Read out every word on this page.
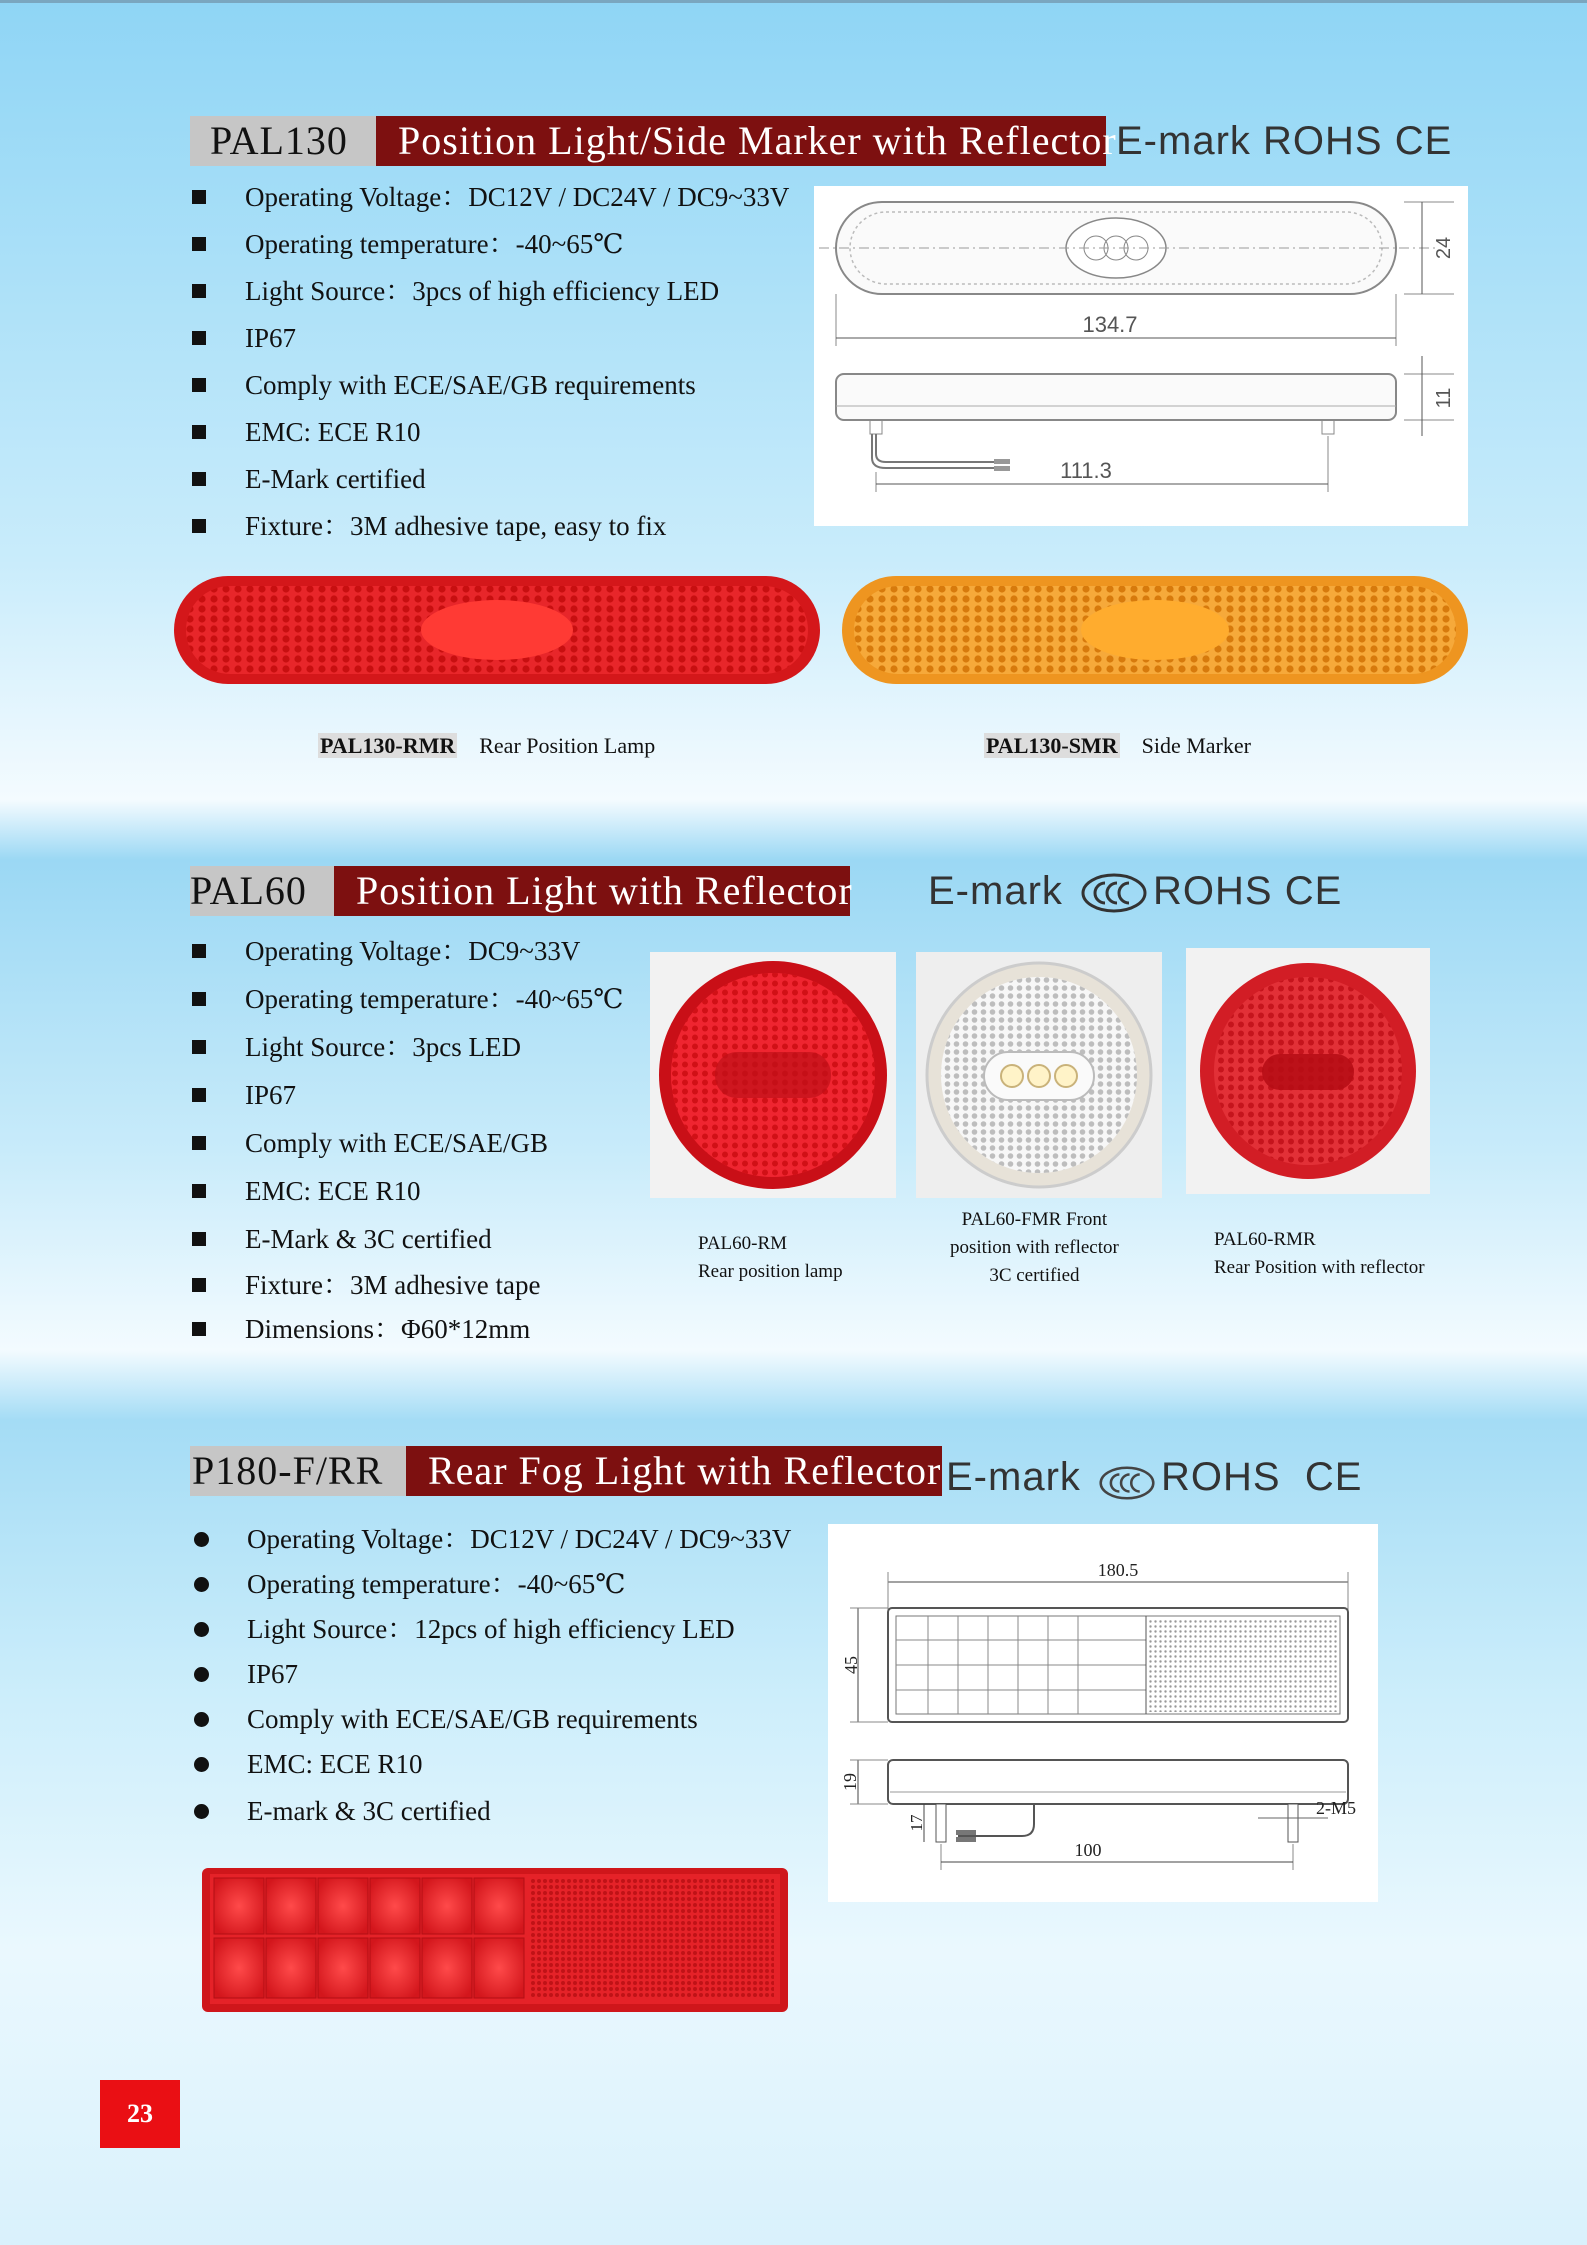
PAL130	Position Light/Side Marker with Reflector E-mark ROHS CE
Operating Voltage：DC12V / DC24V / DC9~33V
Operating temperature：-40~65℃
Light Source：3pcs of high efficiency LED
IP67
Comply with ECE/SAE/GB requirements
EMC: ECE R10
E-Mark certified
Fixture：3M adhesive tape, easy to fix
24
134.7
11
111.3
PAL130-RMR Rear Position Lamp	PAL130-SMR Side Marker
PAL60	Position Light with Reflector E-mark ROHS CE
Operating Voltage：DC9~33V
Operating temperature：-40~65℃
Light Source：3pcs LED
IP67
Comply with ECE/SAE/GB
EMC: ECE R10
E-Mark & 3C certified
Fixture：3M adhesive tape
Dimensions：Φ60*12mm
PAL60-RM
Rear position lamp
PAL60-FMR Front
position with reflector
3C certified
PAL60-RMR
Rear Position with reflector
P180-F/RR	Rear Fog Light with Reflector E-mark ROHS CE
Operating Voltage：DC12V / DC24V / DC9~33V
Operating temperature：-40~65℃
Light Source：12pcs of high efficiency LED
IP67
Comply with ECE/SAE/GB requirements
EMC: ECE R10
E-mark & 3C certified
180.5
45
19
17
100
2-M5
23
